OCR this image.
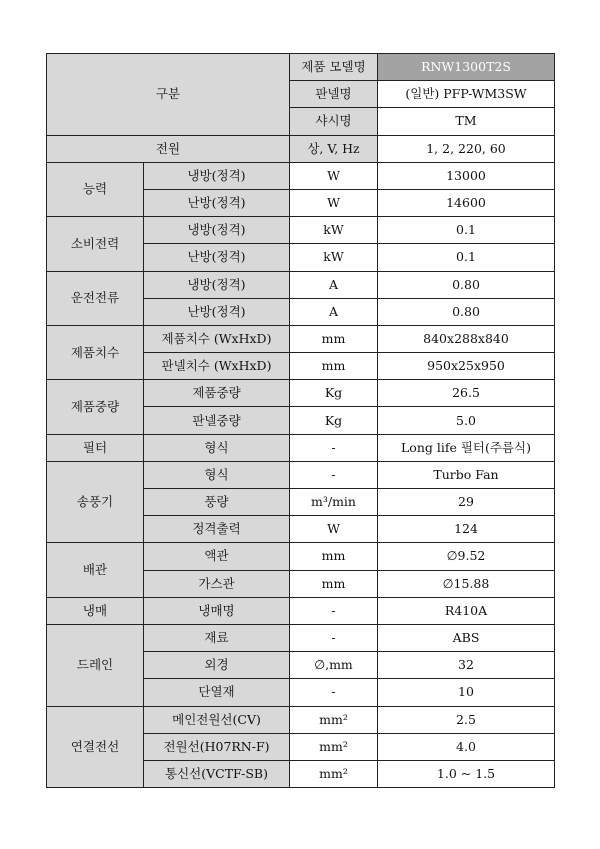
구분		제품 모델명	RNW1300T2S
		판넬명	(일반) PFP-WM3SW
		샤시명	TM
전원		상, V, Hz	1, 2, 220, 60
능력	냉방(정격)	W	13000
	난방(정격)	W	14600
소비전력	냉방(정격)	kW	0.1
	난방(정격)	kW	0.1
운전전류	냉방(정격)	A	0.80
	난방(정격)	A	0.80
제품치수	제품치수 (WxHxD)	mm	840x288x840
	판넬치수 (WxHxD)	mm	950x25x950
제품중량	제품중량	Kg	26.5
	판넬중량	Kg	5.0
필터	형식	-	Long life 필터(주름식)
송풍기	형식	-	Turbo Fan
	풍량	m³/min	29
	정격출력	W	124
배관	액관	mm	∅9.52
	가스관	mm	∅15.88
냉매	냉매명	-	R410A
드레인	재료	-	ABS
	외경	∅,mm	32
	단열재	-	10
연결전선	메인전원선(CV)	mm²	2.5
	전원선(H07RN-F)	mm²	4.0
	통신선(VCTF-SB)	mm²	1.0 ~ 1.5
